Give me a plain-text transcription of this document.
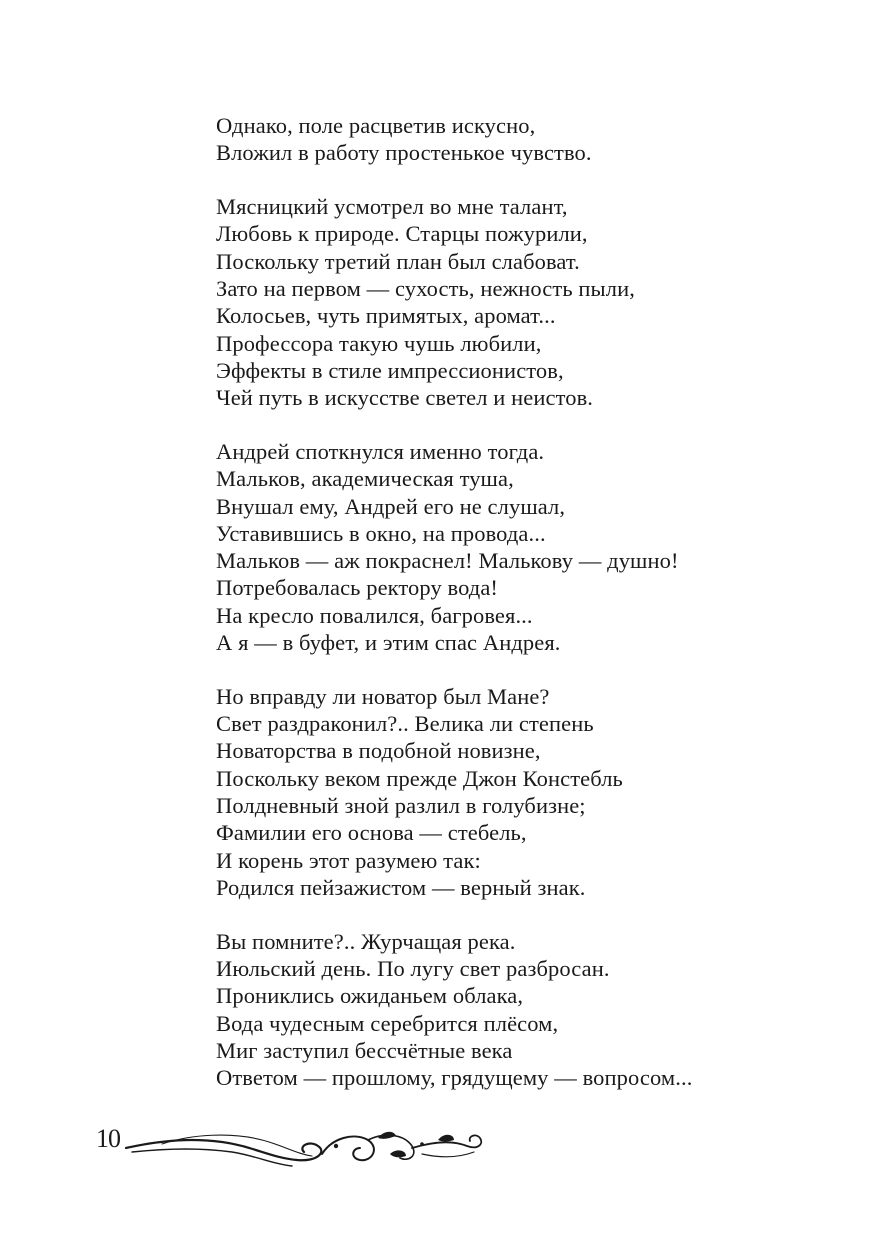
Однако, поле расцветив искусно,
Вложил в работу простенькое чувство.
Мясницкий усмотрел во мне талант,
Любовь к природе. Старцы пожурили,
Поскольку третий план был слабоват.
Зато на первом — сухость, нежность пыли,
Колосьев, чуть примятых, аромат...
Профессора такую чушь любили,
Эффекты в стиле импрессионистов,
Чей путь в искусстве светел и неистов.
Андрей споткнулся именно тогда.
Мальков, академическая туша,
Внушал ему, Андрей его не слушал,
Уставившись в окно, на провода...
Мальков — аж покраснел! Малькову — душно!
Потребовалась ректору вода!
На кресло повалился, багровея...
А я — в буфет, и этим спас Андрея.
Но вправду ли новатор был Мане?
Свет раздраконил?.. Велика ли степень
Новаторства в подобной новизне,
Поскольку веком прежде Джон Констебль
Полдневный зной разлил в голубизне;
Фамилии его основа — стебель,
И корень этот разумею так:
Родился пейзажистом — верный знак.
Вы помните?.. Журчащая река.
Июльский день. По лугу свет разбросан.
Прониклись ожиданьем облака,
Вода чудесным серебрится плёсом,
Миг заступил бессчётные века
Ответом — прошлому, грядущему — вопросом...
10
